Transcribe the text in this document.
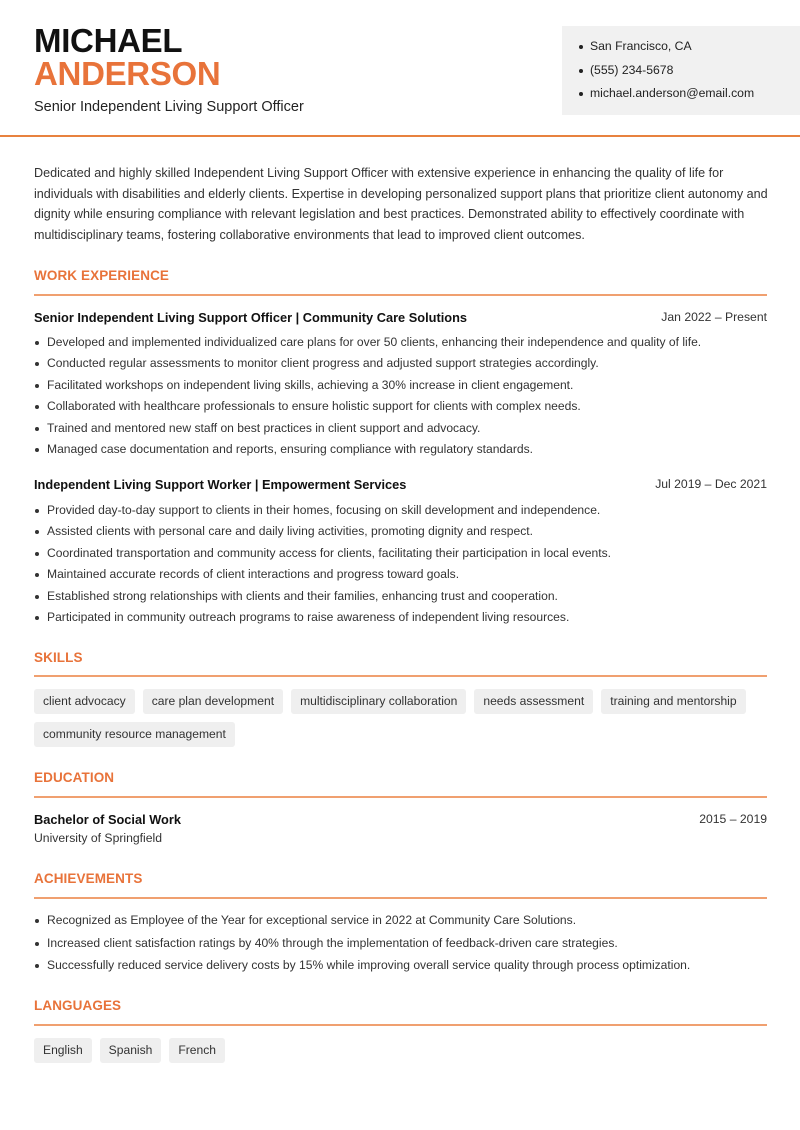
MICHAEL
ANDERSON
Senior Independent Living Support Officer
San Francisco, CA
(555) 234-5678
michael.anderson@email.com

Dedicated and highly skilled Independent Living Support Officer with extensive experience in enhancing the quality of life for individuals with disabilities and elderly clients. Expertise in developing personalized support plans that prioritize client autonomy and dignity while ensuring compliance with relevant legislation and best practices. Demonstrated ability to effectively coordinate with multidisciplinary teams, fostering collaborative environments that lead to improved client outcomes.

WORK EXPERIENCE
Senior Independent Living Support Officer | Community Care Solutions	Jan 2022 – Present
Developed and implemented individualized care plans for over 50 clients, enhancing their independence and quality of life.
Conducted regular assessments to monitor client progress and adjusted support strategies accordingly.
Facilitated workshops on independent living skills, achieving a 30% increase in client engagement.
Collaborated with healthcare professionals to ensure holistic support for clients with complex needs.
Trained and mentored new staff on best practices in client support and advocacy.
Managed case documentation and reports, ensuring compliance with regulatory standards.
Independent Living Support Worker | Empowerment Services	Jul 2019 – Dec 2021
Provided day-to-day support to clients in their homes, focusing on skill development and independence.
Assisted clients with personal care and daily living activities, promoting dignity and respect.
Coordinated transportation and community access for clients, facilitating their participation in local events.
Maintained accurate records of client interactions and progress toward goals.
Established strong relationships with clients and their families, enhancing trust and cooperation.
Participated in community outreach programs to raise awareness of independent living resources.
SKILLS
client advocacy	care plan development	multidisciplinary collaboration	needs assessment	training and mentorship
community resource management
EDUCATION
Bachelor of Social Work	2015 – 2019
University of Springfield
ACHIEVEMENTS
Recognized as Employee of the Year for exceptional service in 2022 at Community Care Solutions.
Increased client satisfaction ratings by 40% through the implementation of feedback-driven care strategies.
Successfully reduced service delivery costs by 15% while improving overall service quality through process optimization.
LANGUAGES
English	Spanish	French
